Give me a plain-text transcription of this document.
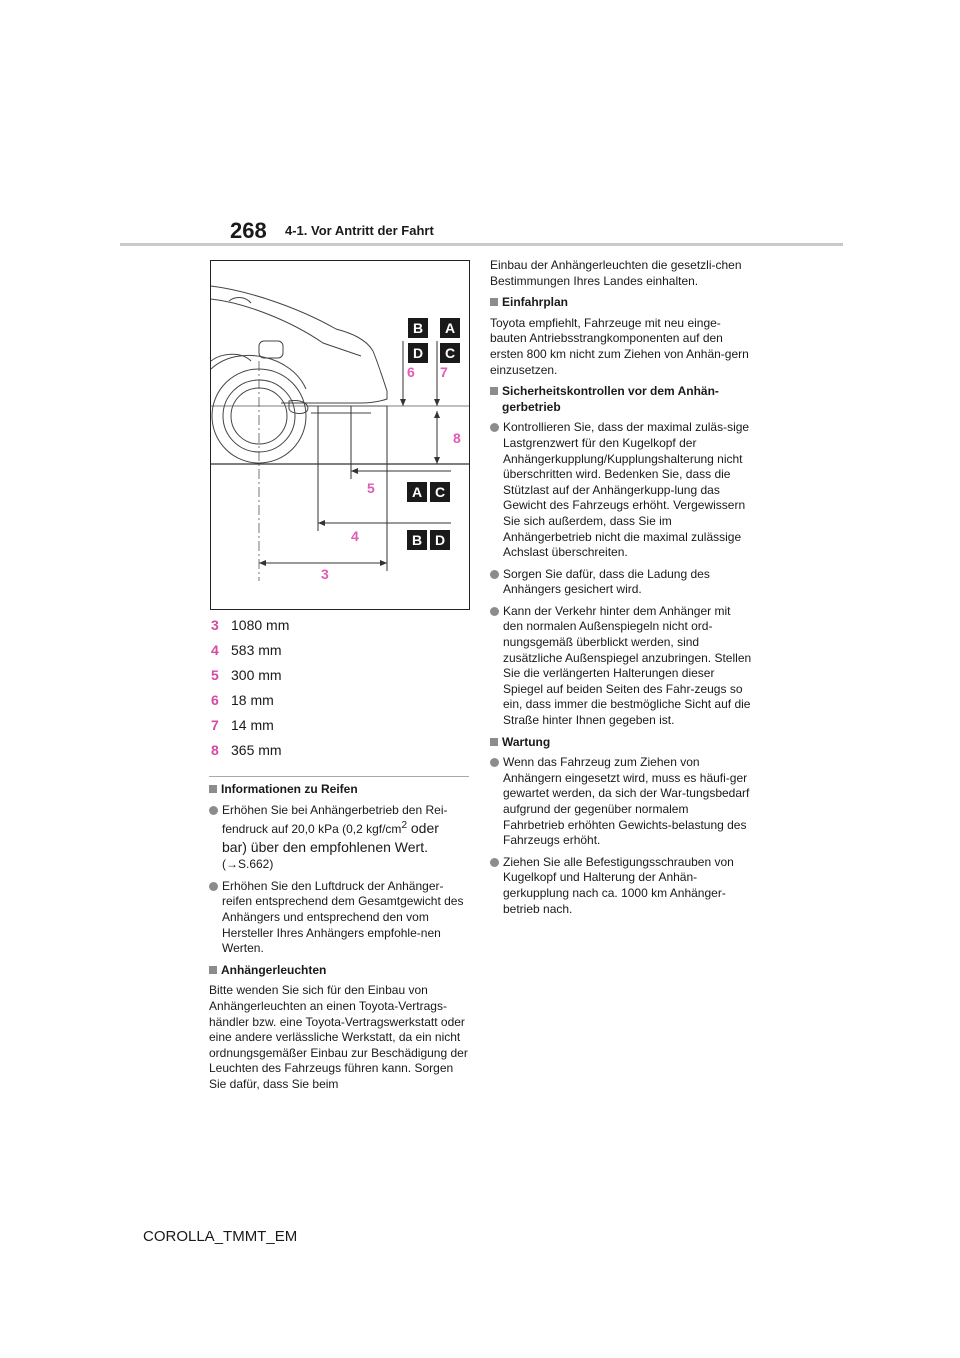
268 4-1. Vor Antritt der Fahrt
B A
D C
A C
B D
6 7
8
5
4
3
3 1080 mm
4 583 mm
5 300 mm
6 18 mm
7 14 mm
8 365 mm
Informationen zu Reifen
Erhöhen Sie bei Anhängerbetrieb den Rei-
fendruck auf 20,0 kPa (0,2 kgf/$cm^2$ oder
bar) über den empfohlenen Wert.
(→S.662)
Erhöhen Sie den Luftdruck der Anhänger-reifen entsprechend dem Gesamtgewicht des Anhängers und entsprechend den vom Hersteller Ihres Anhängers empfohle-nen Werten.
Anhängerleuchten
Bitte wenden Sie sich für den Einbau von Anhängerleuchten an einen Toyota-Vertrags-händler bzw. eine Toyota-Vertragswerkstatt oder eine andere verlässliche Werkstatt, da ein nicht ordnungsgemäßer Einbau zur Beschädigung der Leuchten des Fahrzeugs führen kann. Sorgen Sie dafür, dass Sie beim
Einbau der Anhängerleuchten die gesetzli-chen Bestimmungen Ihres Landes einhalten.
Einfahrplan
Toyota empfiehlt, Fahrzeuge mit neu einge-bauten Antriebsstrangkomponenten auf den ersten 800 km nicht zum Ziehen von Anhän-gern einzusetzen.
Sicherheitskontrollen vor dem Anhän-gerbetrieb
Kontrollieren Sie, dass der maximal zuläs-sige Lastgrenzwert für den Kugelkopf der Anhängerkupplung/Kupplungshalterung nicht überschritten wird. Bedenken Sie, dass die Stützlast auf der Anhängerkupp-lung das Gewicht des Fahrzeugs erhöht. Vergewissern Sie sich außerdem, dass Sie im Anhängerbetrieb nicht die maximal zulässige Achslast überschreiten.
Sorgen Sie dafür, dass die Ladung des Anhängers gesichert wird.
Kann der Verkehr hinter dem Anhänger mit den normalen Außenspiegeln nicht ord-nungsgemäß überblickt werden, sind zusätzliche Außenspiegel anzubringen. Stellen Sie die verlängerten Halterungen dieser Spiegel auf beiden Seiten des Fahr-zeugs so ein, dass immer die bestmögliche Sicht auf die Straße hinter Ihnen gegeben ist.
Wartung
Wenn das Fahrzeug zum Ziehen von Anhängern eingesetzt wird, muss es häufi-ger gewartet werden, da sich der War-tungsbedarf aufgrund der gegenüber normalem Fahrbetrieb erhöhten Gewichts-belastung des Fahrzeugs erhöht.
Ziehen Sie alle Befestigungsschrauben von Kugelkopf und Halterung der Anhän-gerkupplung nach ca. 1000 km Anhänger-betrieb nach.
COROLLA_TMMT_EM
